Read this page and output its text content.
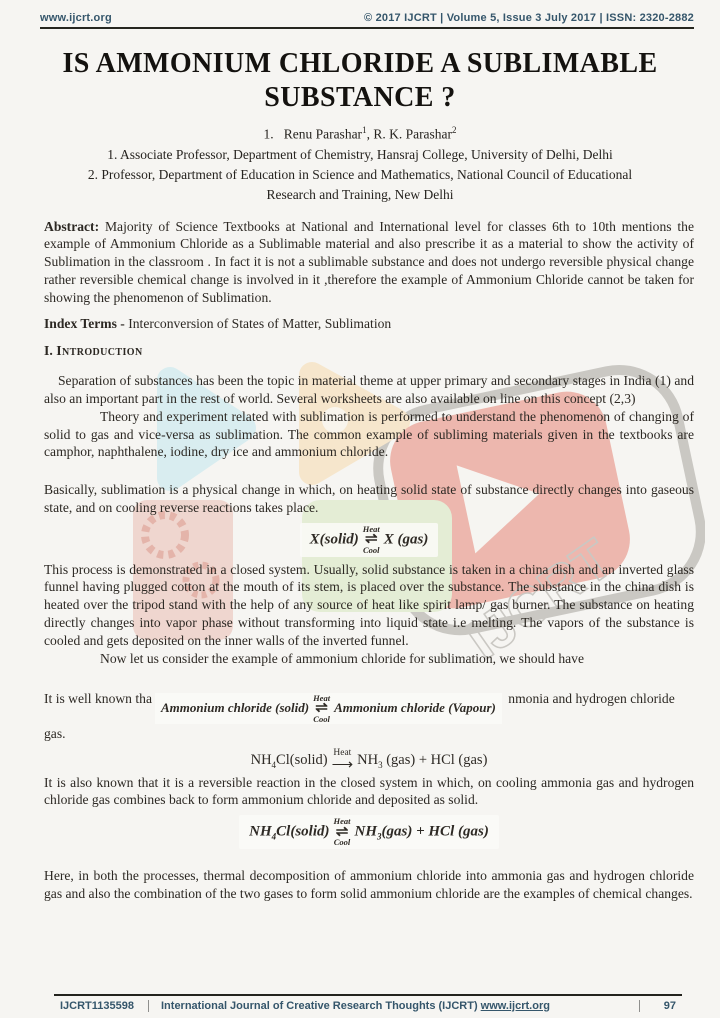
IJCRT
www.ijcrt.org	© 2017 IJCRT | Volume 5, Issue 3 July 2017 | ISSN: 2320-2882
IS AMMONIUM CHLORIDE A SUBLIMABLE
SUBSTANCE ?
1. Renu Parashar$^1$, R. K. Parashar$^2$
1. Associate Professor, Department of Chemistry, Hansraj College, University of Delhi, Delhi
2. Professor, Department of Education in Science and Mathematics, National Council of Educational
Research and Training, New Delhi
Abstract: Majority of Science Textbooks at National and International level for classes 6th to 10th mentions the example of Ammonium Chloride as a Sublimable material and also prescribe it as a material to show the activity of Sublimation in the classroom . In fact it is not a sublimable substance and does not undergo reversible physical change rather reversible chemical change is involved in it ,therefore the example of Ammonium Chloride cannot be taken for showing the phenomenon of Sublimation.
Index Terms - Interconversion of States of Matter, Sublimation
I. Introduction
Separation of substances has been the topic in material theme at upper primary and secondary stages in India (1) and also an important part in the rest of world. Several worksheets are also available on line on this concept (2,3)
Theory and experiment related with sublimation is performed to understand the phenomenon of changing of solid to gas and vice-versa as sublimation. The common example of subliming materials given in the textbooks are camphor, naphthalene, iodine, dry ice and ammonium chloride.
Basically, sublimation is a physical change in which, on heating solid state of substance directly changes into gaseous state, and on cooling reverse reactions takes place.
X(solid)
Heat
⇌
Cool
X (gas)
This process is demonstrated in a closed system. Usually, solid substance is taken in a china dish and an inverted glass funnel having plugged cotton at the mouth of its stem, is placed over the substance. The substance in the china dish is heated over the tripod stand with the help of any source of heat like spirit lamp/ gas burner. The substance on heating directly changes into vapor phase without transforming into liquid state i.e melting. The vapors of the substance is cooled and gets deposited on the inner walls of the inverted funnel.
Now let us consider the example of ammonium chloride for sublimation, we should have
It is well known thaAmmonium chloride (solid)
Heat
⇌
Cool
Ammonium chloride (Vapour) nmonia and hydrogen chloride gas.
$NH_4Cl(solid)$ Heat
⟶ $NH_3$ (gas) + HCl (gas)
It is also known that it is a reversible reaction in the closed system in which, on cooling ammonia gas and hydrogen chloride gas combines back to form ammonium chloride and deposited as solid.
$NH_4Cl(solid)$
Heat
⇌
Cool
$NH_3(gas)$ + HCl (gas)
Here, in both the processes, thermal decomposition of ammonium chloride into ammonia gas and hydrogen chloride gas and also the combination of the two gases to form solid ammonium chloride are the examples of chemical changes.
IJCRT1135598	International Journal of Creative Research Thoughts (IJCRT) www.ijcrt.org	97
